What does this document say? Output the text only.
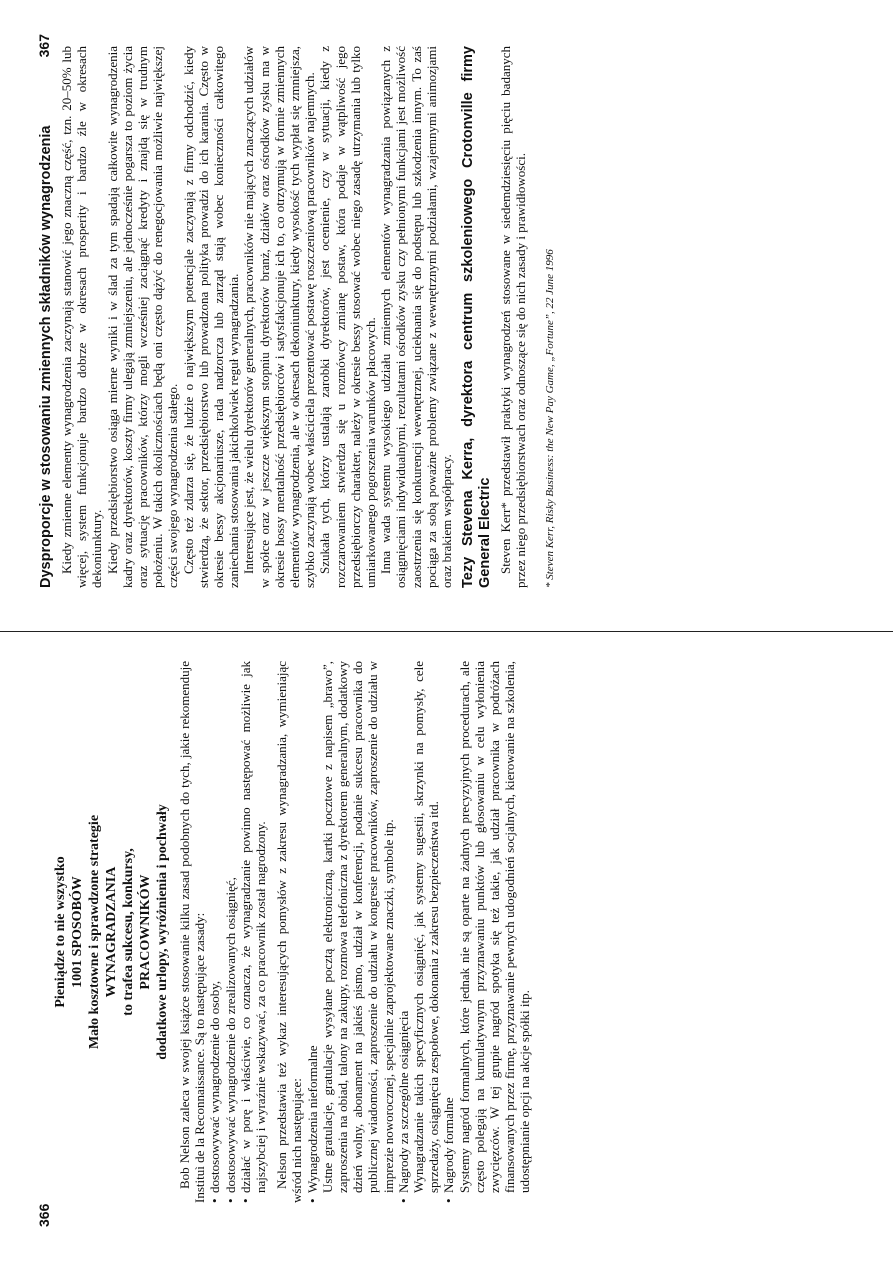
Pieniądze to nie wszystko 1001 SPOSOBÓW Mało kosztowne i sprawdzone strategie WYNAGRADZANIA to trafea sukcesu, konkursy, PRACOWNIKÓW dodatkowe urlopy, wyróżnienia i pochwały Bob Nelson zaleca w swojej książce stosowanie kilku zasad podobnych do tych, jakie rekomenduje Instituì de la Reconnaissance. Są to następujące zasady: • dostosowywać wynagrodzenie do osoby, • dostosowywać wynagrodzenie do zrealizowanych osiągnięć, • działać w porę i właściwie, co oznacza, że wynagradzanie powinno następować możliwie jak najszybciej i wyraźnie wskazywać, za co pracownik został nagrodzony. Nelson przedstawia też wykaz interesujących pomysłów z zakresu wynagradzania, wymieniając wśród nich następujące: • Wynagrodzenia nieformalne Ustne gratulacje, gratulacje wysyłane pocztą elektroniczną, kartki pocztowe z napisem „brawo”, zaproszenia na obiad, talony na zakupy, rozmowa telefoniczna z dyrektorem generalnym, dodatkowy dzień wolny, abonament na jakieś pismo, udział w konferencji, podanie sukcesu pracownika do publicznej wiadomości, zaproszenie do udziału w kongresie pracowników, zaproszenie do udziału w imprezie noworocznej, specjalnie zaprojektowane znaczki, symbole itp. • Nagrody za szczególne osiągnięcia Wynagradzanie takich specyficznych osiągnięć, jak systemy sugestii, skrzynki na pomysły, cele sprzedaży, osiągnięcia zespołowe, dokonania z zakresu bezpieczeństwa itd. • Nagrody formalne Systemy nagród formalnych, które jednak nie są oparte na żadnych precyzyjnych procedurach, ale często polegają na kumulatywnym przyznawaniu punktów lub głosowaniu w celu wyłonienia zwycięzców. W tej grupie nagród spotyka się też takie, jak udział pracownika w podróżach finansowanych przez firmę, przyznawanie pewnych udogodnień socjalnych, kierowanie na szkolenia, udostępnianie opcji na akcje spółki itp.

366

Dysproporcje w stosowaniu zmiennych składników wynagrodzenia Kiedy zmienne elementy wynagrodzenia zaczynają stanowić jego znaczną część, tzn. 20–50% lub więcej, system funkcjonuje bardzo dobrze w okresach prosperity i bardzo źle w okresach dekoniunktury. Kiedy przedsiębiorstwo osiąga mierne wyniki i w ślad za tym spadają całkowite wynagrodzenia kadry oraz dyrektorów, koszty firmy ulegają zmniejszeniu, ale jednocześnie pogarsza to poziom życia oraz sytuację pracowników, którzy mogli wcześniej zaciągnąć kredyty i znajdą się w trudnym położeniu. W takich okolicznościach będą oni często dążyć do renegocjowania możliwie największej części swojego wynagrodzenia stałego. Często też zdarza się, że ludzie o największym potencjale zaczynają z firmy odchodzić, kiedy stwierdzą, że sektor, przedsiębiorstwo lub prowadzona polityka prowadzi do ich karania. Często w okresie bessy akcjonariusze, rada nadzorcza lub zarząd stają wobec konieczności całkowitego zaniechania stosowania jakichkolwiek reguł wynagradzania. Interesujące jest, że wielu dyrektorów generalnych, pracowników nie mających znaczących udziałów w spółce oraz w jeszcze większym stopniu dyrektorów branż, działów oraz ośrodków zysku ma w okresie hossy mentalność przedsiębiorców i satysfakcjonuje ich to, co otrzymują w formie zmiennych elementów wynagrodzenia, ale w okresach dekoniunktury, kiedy wysokość tych wypłat się zmniejsza, szybko zaczynają wobec właściciela prezentować postawę roszczeniową pracowników najemnych. Szukała tych, którzy ustalają zarobki dyrektorów, jest ocenienie, czy w sytuacji, kiedy z rozczarowaniem stwierdza się u rozmówcy zmianę postaw, która podaje w wątpliwość jego przedsiębiorczy charakter, należy w okresie bessy stosować wobec niego zasadę utrzymania lub tylko umiarkowanego pogorszenia warunków płacowych. Inna wada systemu wysokiego udziału zmiennych elementów wynagradzania powiązanych z osiągnięciami indywidualnymi, rezultatami ośrodków zysku czy pełnionymi funkcjami jest możliwość zaostrzenia się konkurencji wewnętrznej, ucieknania się do podstępu lub szkodzenia innym. To zaś pociąga za sobą poważne problemy związane z wewnętrznymi podziałami, wzajemnymi animozjami oraz brakiem współpracy. Tezy Stevena Kerra, dyrektora centrum szkoleniowego Crotonville firmy General Electric Steven Kerr* przedstawił praktyki wynagrodzeń stosowane w siedemdziesięciu pięciu badanych przez niego przedsiębiorstwach oraz odnoszące się do nich zasady i prawidłowości. * Steven Kerr, Risky Business: the New Pay Game, „Fortune”, 22 June 1996

367
